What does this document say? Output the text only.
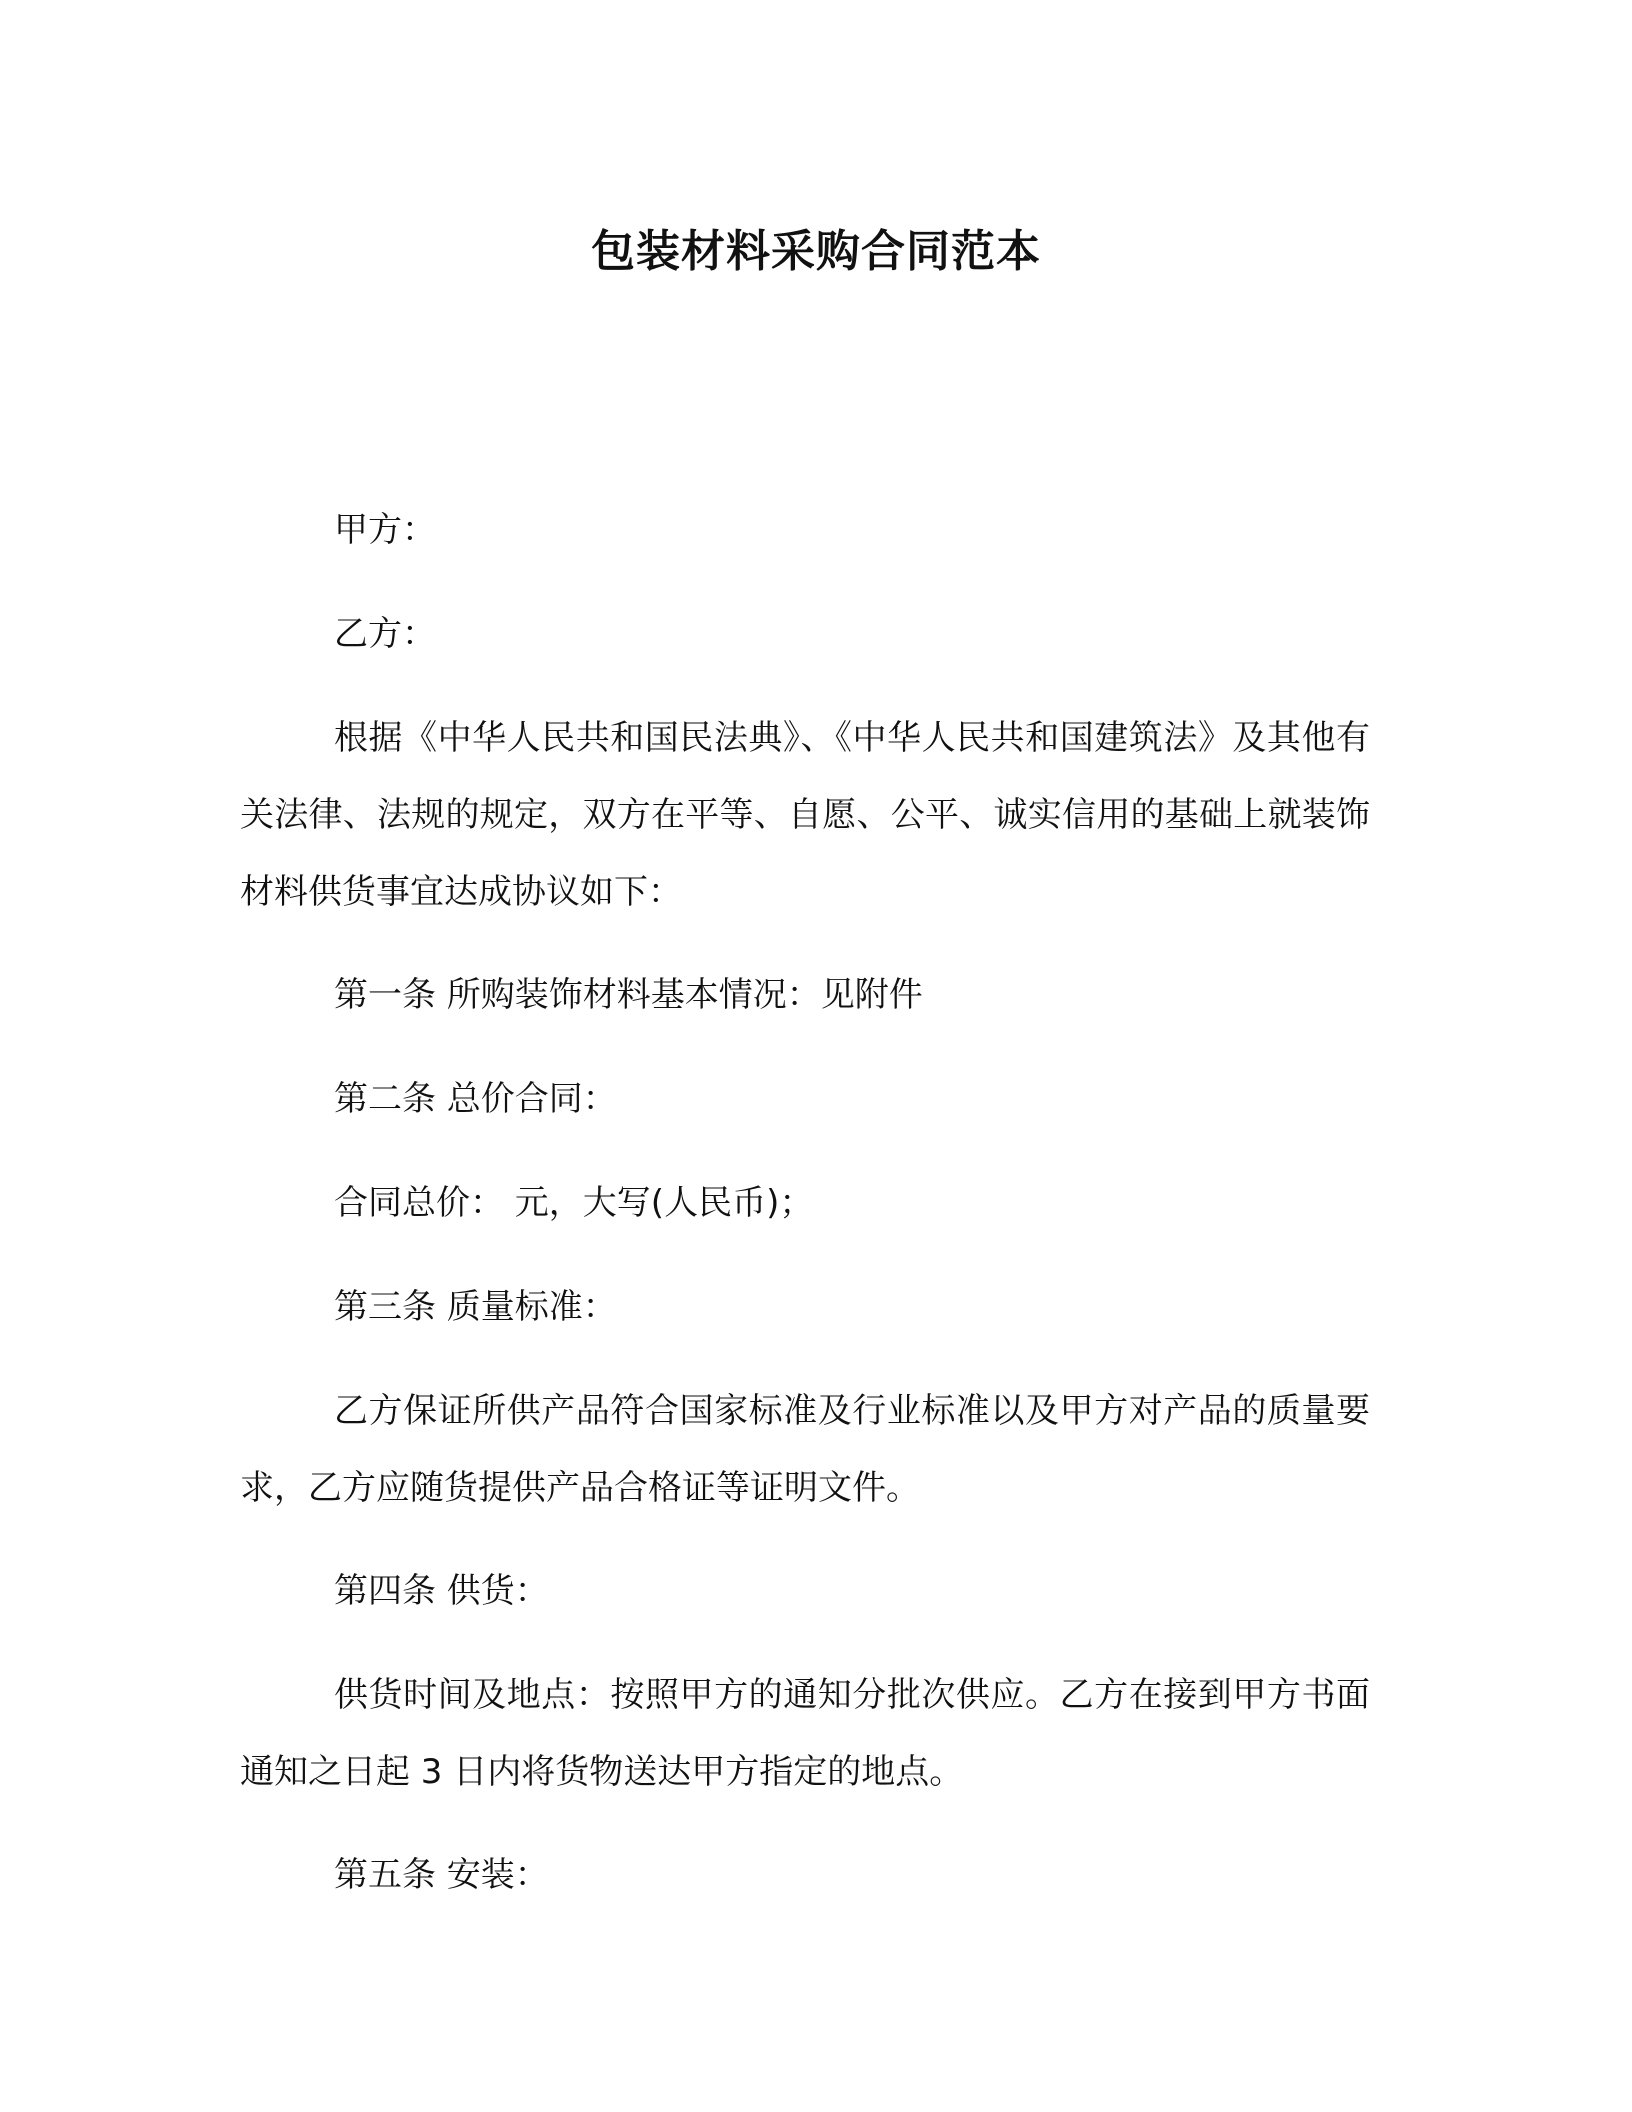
包装材料采购合同范本

甲方：

乙方：

根据《中华人民共和国民法典》、《中华人民共和国建筑法》及其他有关法律、法规的规定，双方在平等、自愿、公平、诚实信用的基础上就装饰材料供货事宜达成协议如下：

第一条 所购装饰材料基本情况：见附件

第二条 总价合同：

合同总价： 元，大写(人民币)；

第三条 质量标准：

乙方保证所供产品符合国家标准及行业标准以及甲方对产品的质量要求，乙方应随货提供产品合格证等证明文件。

第四条 供货：

供货时间及地点：按照甲方的通知分批次供应。乙方在接到甲方书面通知之日起 3 日内将货物送达甲方指定的地点。

第五条 安装：
